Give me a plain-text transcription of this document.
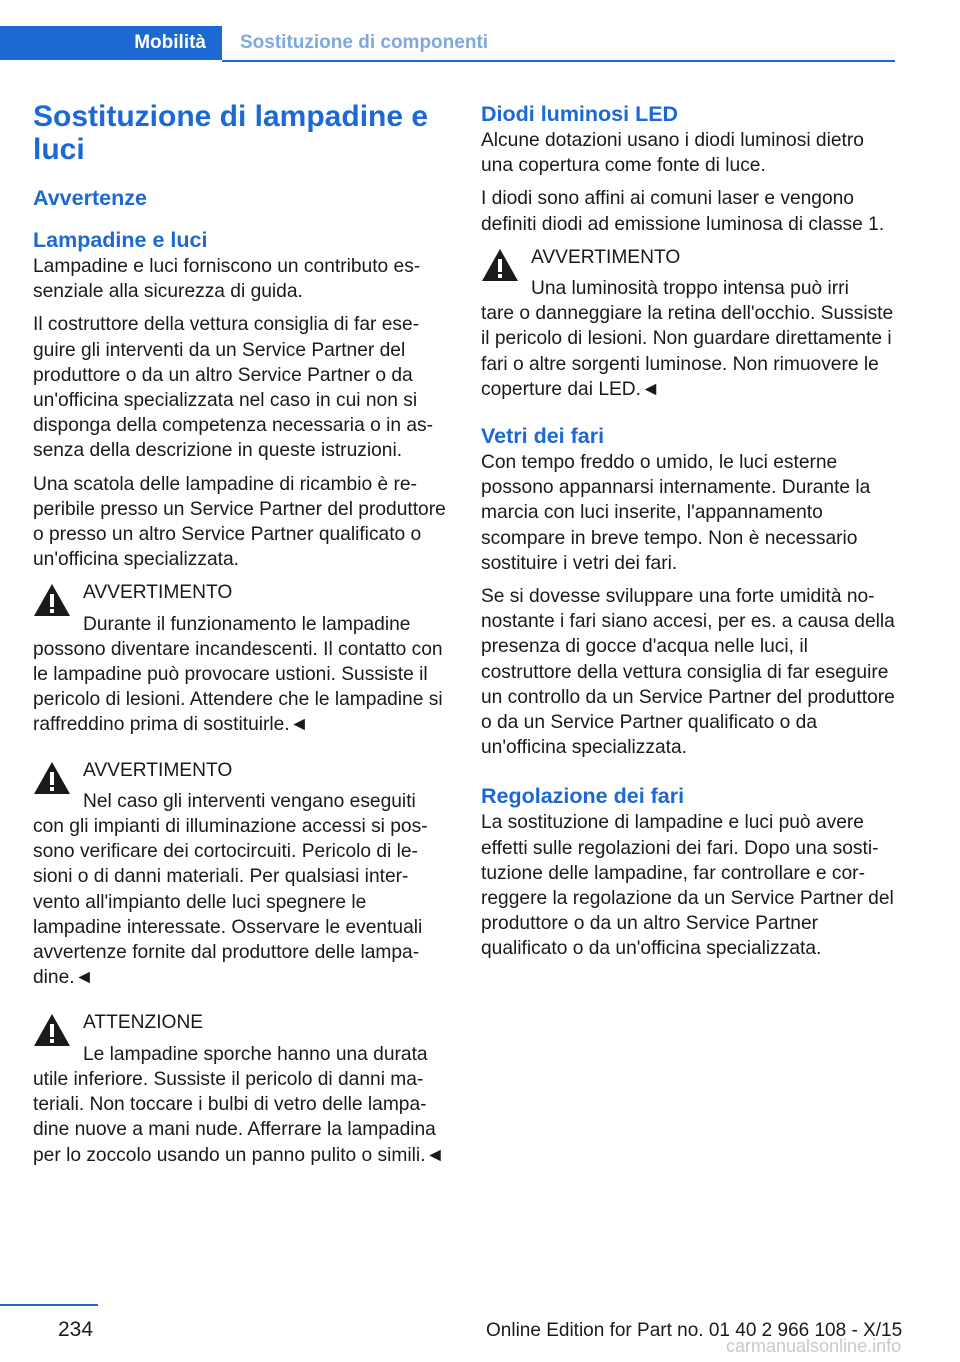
Mobilità Sostituzione di componenti
Sostituzione di lampadine e luci
Avvertenze
Lampadine e luci

Lampadine e luci forniscono un contributo essenziale alla sicurezza di guida.

Il costruttore della vettura consiglia di far eseguire gli interventi da un Service Partner del produttore o da un altro Service Partner o da un'officina specializzata nel caso in cui non si disponga della competenza necessaria o in assenza della descrizione in queste istruzioni.

Una scatola delle lampadine di ricambio è reperibile presso un Service Partner del produttore o presso un altro Service Partner qualificato o un'officina specializzata.

AVVERTIMENTO

Durante il funzionamento le lampadine
possono diventare incandescenti. Il contatto con le lampadine può provocare ustioni. Sussiste il pericolo di lesioni. Attendere che le lampadine si raffreddino prima di sostituirle.◄

AVVERTIMENTO

Nel caso gli interventi vengano eseguiti
con gli impianti di illuminazione accessi si possono verificare dei cortocircuiti. Pericolo di lesioni o di danni materiali. Per qualsiasi intervento all'impianto delle luci spegnere le lampadine interessate. Osservare le eventuali avvertenze fornite dal produttore delle lampadine.◄

ATTENZIONE

Le lampadine sporche hanno una durata
utile inferiore. Sussiste il pericolo di danni materiali. Non toccare i bulbi di vetro delle lampadine nuove a mani nude. Afferrare la lampadina per lo zoccolo usando un panno pulito o simili.◄

Diodi luminosi LED

Alcune dotazioni usano i diodi luminosi dietro una copertura come fonte di luce.

I diodi sono affini ai comuni laser e vengono definiti diodi ad emissione luminosa di classe 1.

AVVERTIMENTO

Una luminosità troppo intensa può irri
tare o danneggiare la retina dell'occhio. Sussiste il pericolo di lesioni. Non guardare direttamente i fari o altre sorgenti luminose. Non rimuovere le coperture dai LED.◄

Vetri dei fari

Con tempo freddo o umido, le luci esterne possono appannarsi internamente. Durante la marcia con luci inserite, l'appannamento scompare in breve tempo. Non è necessario sostituire i vetri dei fari.

Se si dovesse sviluppare una forte umidità nonostante i fari siano accesi, per es. a causa della presenza di gocce d'acqua nelle luci, il costruttore della vettura consiglia di far eseguire un controllo da un Service Partner del produttore o da un Service Partner qualificato o da un'officina specializzata.

Regolazione dei fari

La sostituzione di lampadine e luci può avere effetti sulle regolazioni dei fari. Dopo una sostituzione delle lampadine, far controllare e correggere la regolazione da un Service Partner del produttore o da un altro Service Partner qualificato o da un'officina specializzata.

234	Online Edition for Part no. 01 40 2 966 108 - X/15
carmanualsonline.info
